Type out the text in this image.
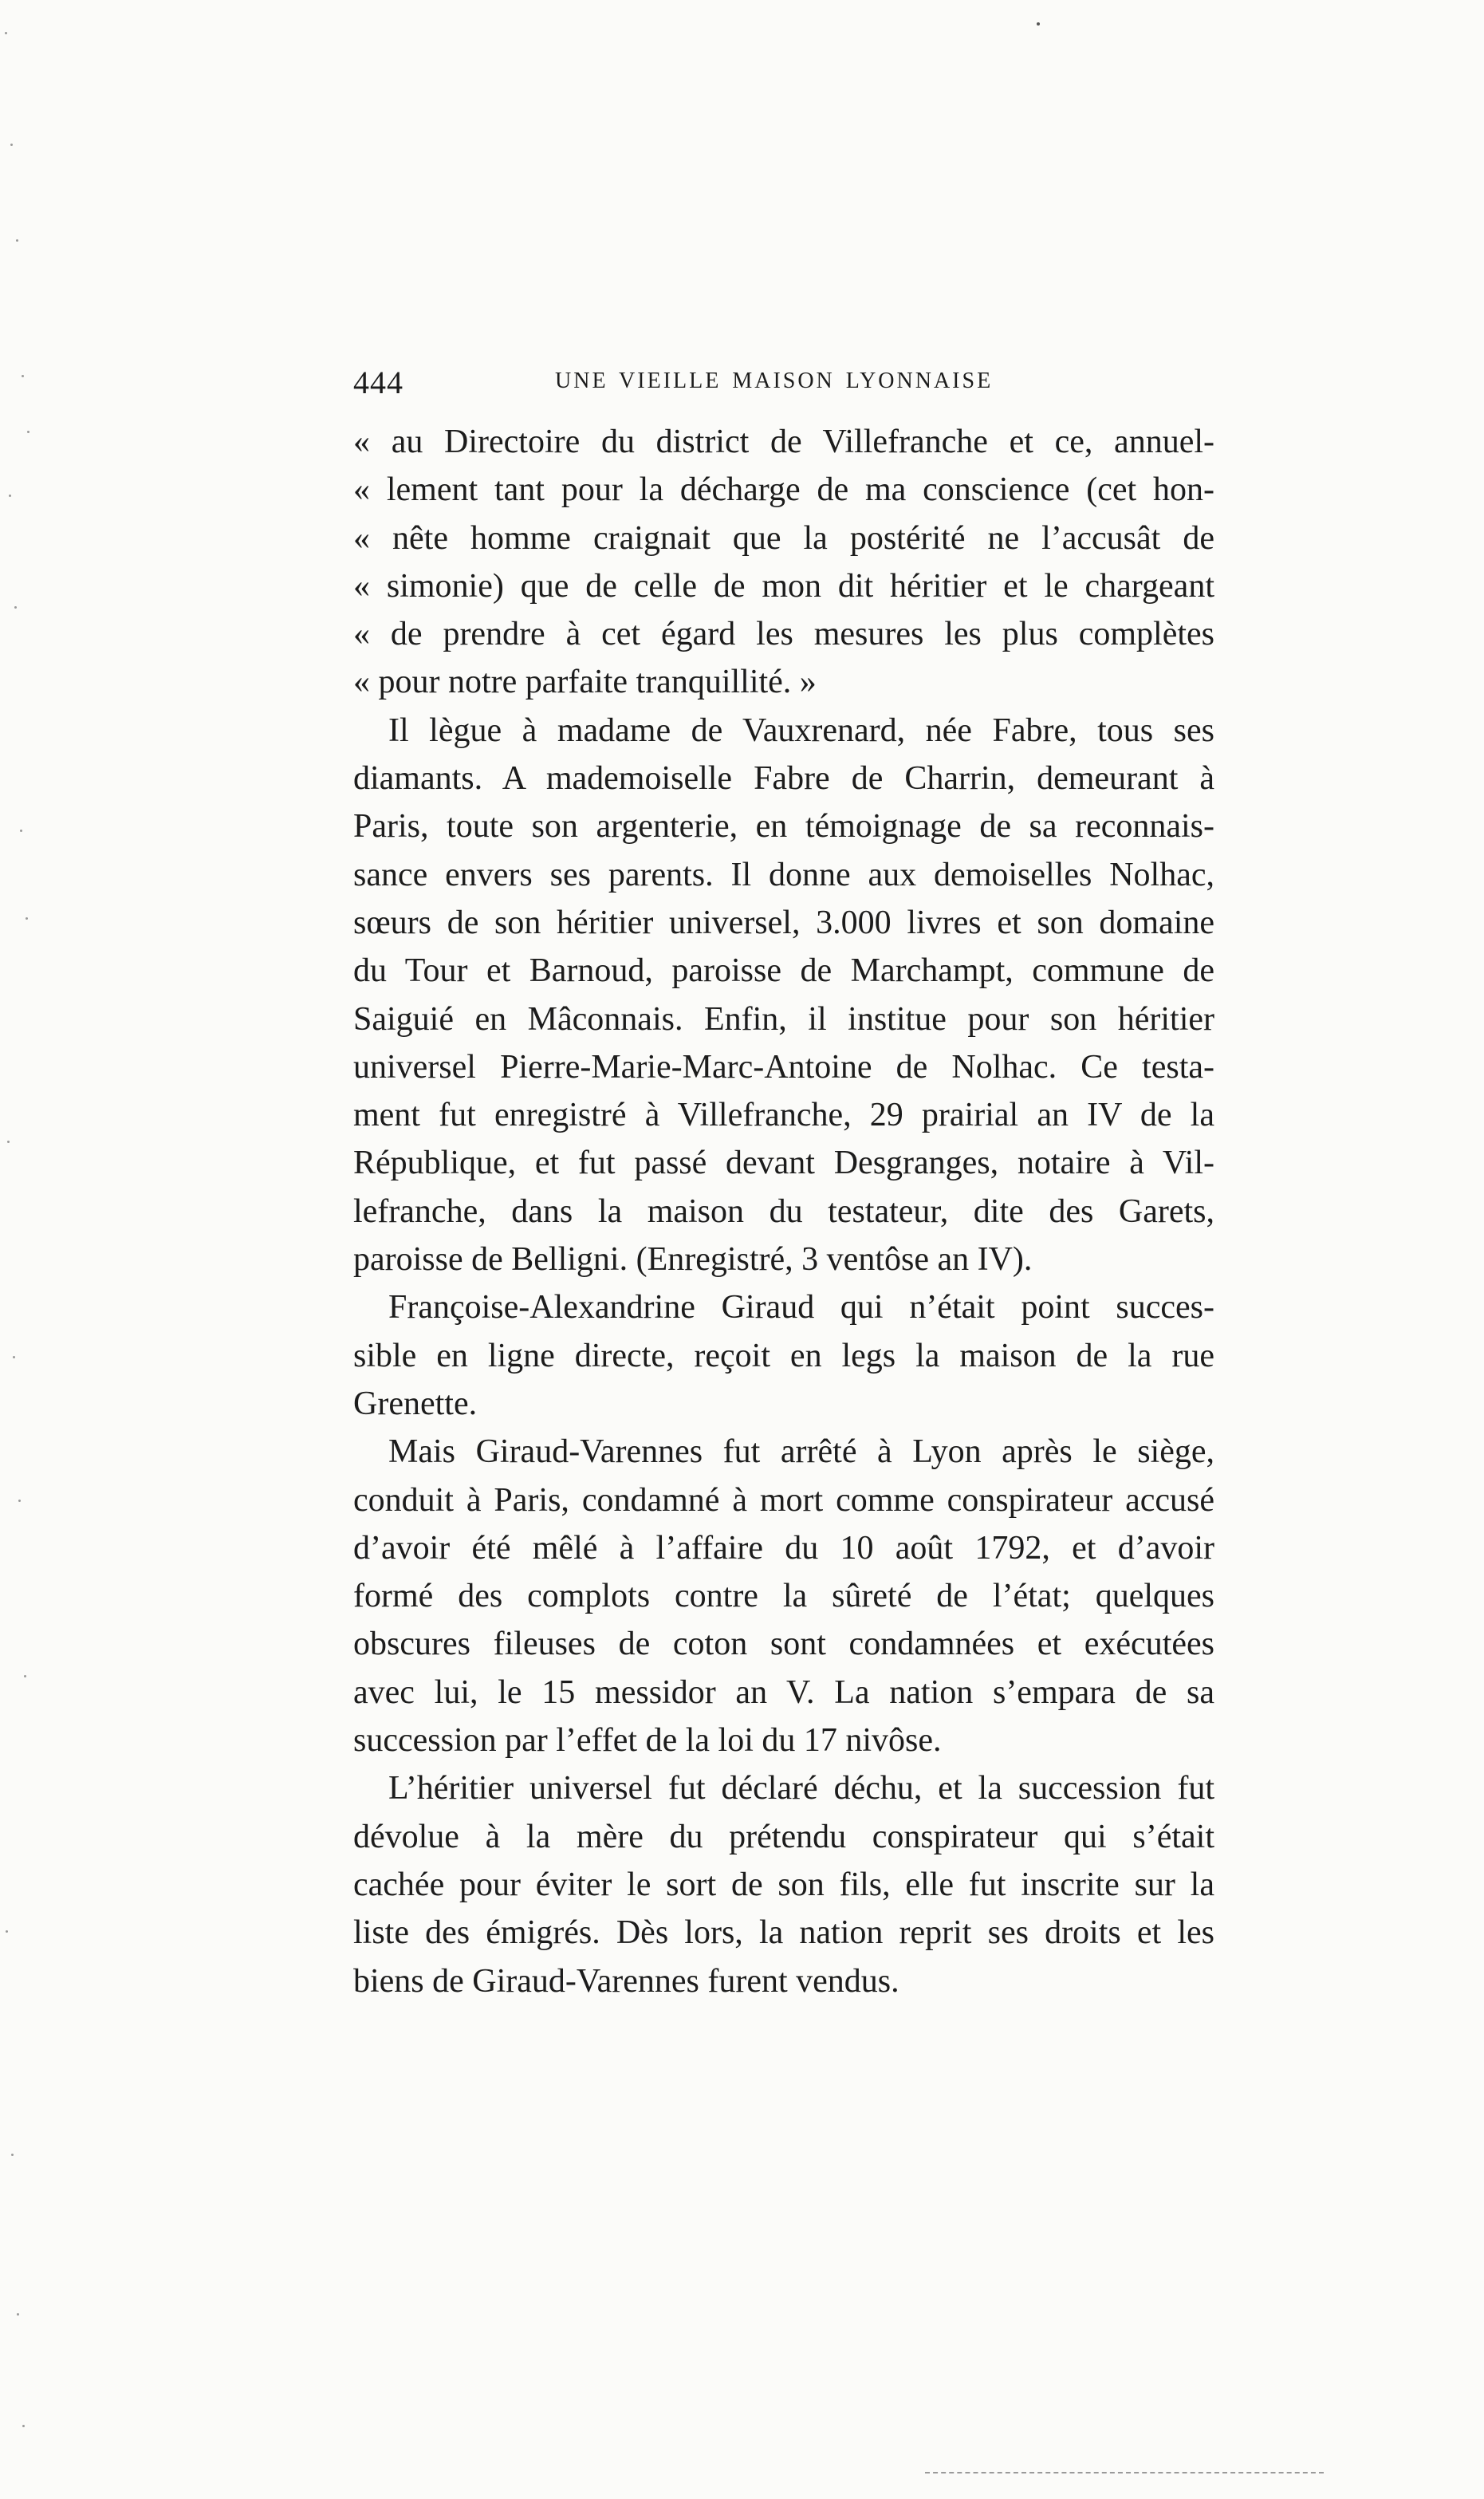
444	UNE VIEILLE MAISON LYONNAISE
« au Directoire du district de Villefranche et ce, annuel-
« lement tant pour la décharge de ma conscience (cet hon-
« nête homme craignait que la postérité ne l’accusât de
« simonie) que de celle de mon dit héritier et le chargeant
« de prendre à cet égard les mesures les plus complètes
« pour notre parfaite tranquillité. »
Il lègue à madame de Vauxrenard, née Fabre, tous ses
diamants. A mademoiselle Fabre de Charrin, demeurant à
Paris, toute son argenterie, en témoignage de sa reconnais-
sance envers ses parents. Il donne aux demoiselles Nolhac,
sœurs de son héritier universel, 3.000 livres et son domaine
du Tour et Barnoud, paroisse de Marchampt, commune de
Saiguié en Mâconnais. Enfin, il institue pour son héritier
universel Pierre-Marie-Marc-Antoine de Nolhac. Ce testa-
ment fut enregistré à Villefranche, 29 prairial an IV de la
République, et fut passé devant Desgranges, notaire à Vil-
lefranche, dans la maison du testateur, dite des Garets,
paroisse de Belligni. (Enregistré, 3 ventôse an IV).
Françoise-Alexandrine Giraud qui n’était point succes-
sible en ligne directe, reçoit en legs la maison de la rue
Grenette.
Mais Giraud-Varennes fut arrêté à Lyon après le siège,
conduit à Paris, condamné à mort comme conspirateur accusé
d’avoir été mêlé à l’affaire du 10 août 1792, et d’avoir
formé des complots contre la sûreté de l’état; quelques
obscures fileuses de coton sont condamnées et exécutées
avec lui, le 15 messidor an V. La nation s’empara de sa
succession par l’effet de la loi du 17 nivôse.
L’héritier universel fut déclaré déchu, et la succession fut
dévolue à la mère du prétendu conspirateur qui s’était
cachée pour éviter le sort de son fils, elle fut inscrite sur la
liste des émigrés. Dès lors, la nation reprit ses droits et les
biens de Giraud-Varennes furent vendus.
